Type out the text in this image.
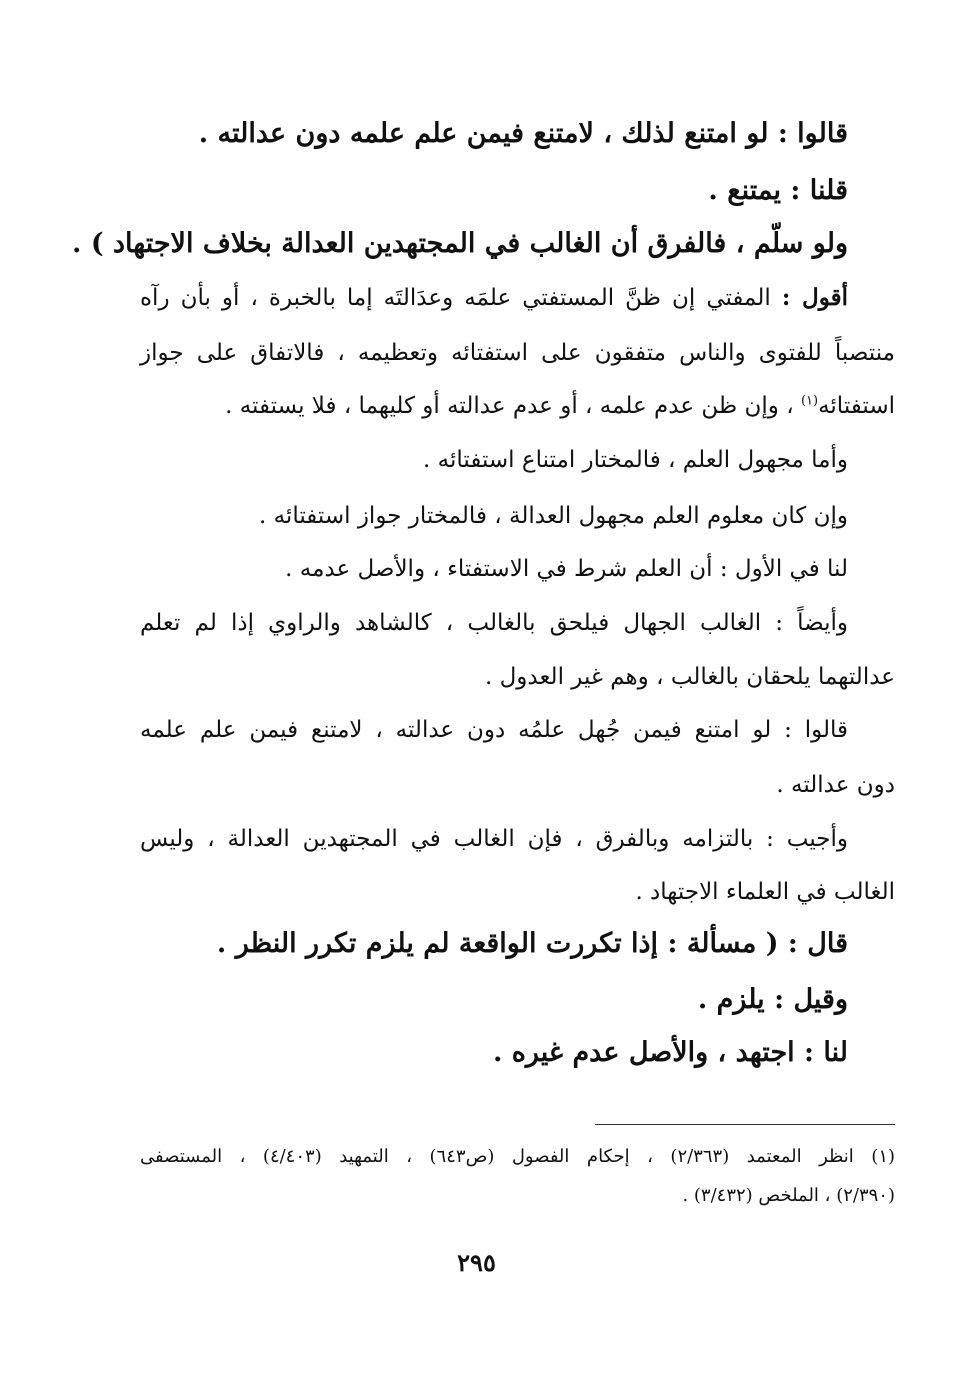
قالوا : لو امتنع لذلك ، لامتنع فيمن علم علمه دون عدالته .
قلنا : يمتنع .
ولو سلّم ، فالفرق أن الغالب في المجتهدين العدالة بخلاف الاجتهاد ) .
أقول : المفتي إن ظنَّ المستفتي علمَه وعدَالتَه إما بالخبرة ، أو بأن رآه
منتصباً للفتوى والناس متفقون على استفتائه وتعظيمه ، فالاتفاق على جواز
استفتائه$^{(١)}$ ، وإن ظن عدم علمه ، أو عدم عدالته أو كليهما ، فلا يستفته .
وأما مجهول العلم ، فالمختار امتناع استفتائه .
وإن كان معلوم العلم مجهول العدالة ، فالمختار جواز استفتائه .
لنا في الأول : أن العلم شرط في الاستفتاء ، والأصل عدمه .
وأيضاً : الغالب الجهال فيلحق بالغالب ، كالشاهد والراوي إذا لم تعلم
عدالتهما يلحقان بالغالب ، وهم غير العدول .
قالوا : لو امتنع فيمن جُهل علمُه دون عدالته ، لامتنع فيمن علم علمه
دون عدالته .
وأجيب : بالتزامه وبالفرق ، فإن الغالب في المجتهدين العدالة ، وليس
الغالب في العلماء الاجتهاد .
قال : ( مسألة : إذا تكررت الواقعة لم يلزم تكرر النظر .
وقيل : يلزم .
لنا : اجتهد ، والأصل عدم غيره .
(١) انظر المعتمد (٢/٣٦٣) ، إحكام الفصول (ص٦٤٣) ، التمهيد (٤/٤٠٣) ، المستصفى
(٢/٣٩٠) ، الملخص (٣/٤٣٢) .
٢٩٥
